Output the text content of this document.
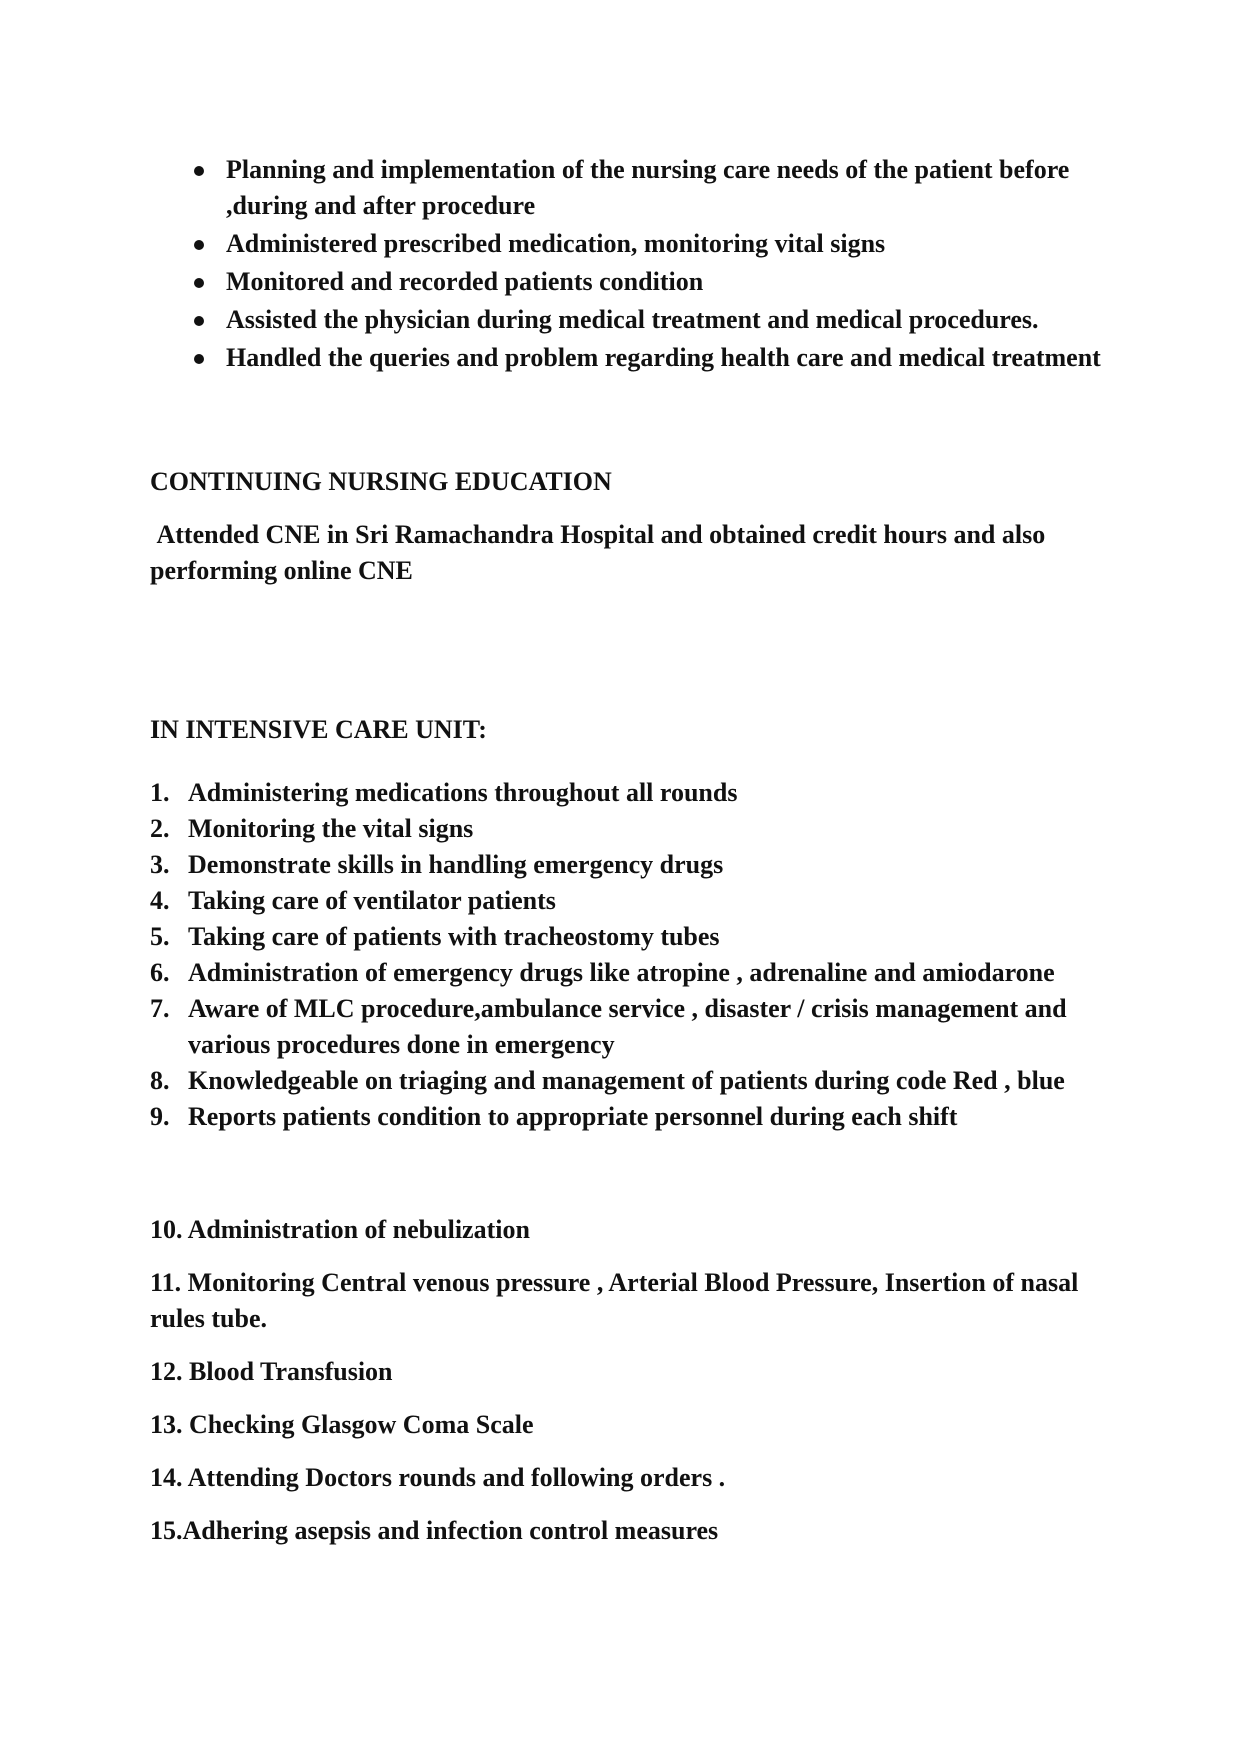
Planning and implementation of the nursing care needs of the patient before ,during and after procedure
Administered prescribed medication, monitoring vital signs
Monitored and recorded patients condition
Assisted the physician during medical treatment and medical procedures.
Handled the queries and problem regarding health care and medical treatment
CONTINUING NURSING EDUCATION
Attended CNE in Sri Ramachandra Hospital and obtained credit hours and also performing online CNE
IN INTENSIVE CARE UNIT:
1. Administering medications throughout all rounds
2. Monitoring the vital signs
3. Demonstrate skills in handling emergency drugs
4. Taking care of ventilator patients
5. Taking care of patients with tracheostomy tubes
6. Administration of emergency drugs like atropine , adrenaline and amiodarone
7. Aware of MLC procedure,ambulance service , disaster / crisis management and various procedures done in emergency
8. Knowledgeable on triaging and management of patients during code Red , blue
9. Reports patients condition to appropriate personnel during each shift
10. Administration of nebulization
11. Monitoring Central venous pressure , Arterial Blood Pressure, Insertion of nasal rules tube.
12. Blood Transfusion
13. Checking Glasgow Coma Scale
14. Attending Doctors rounds and following orders .
15.Adhering asepsis and infection control measures
